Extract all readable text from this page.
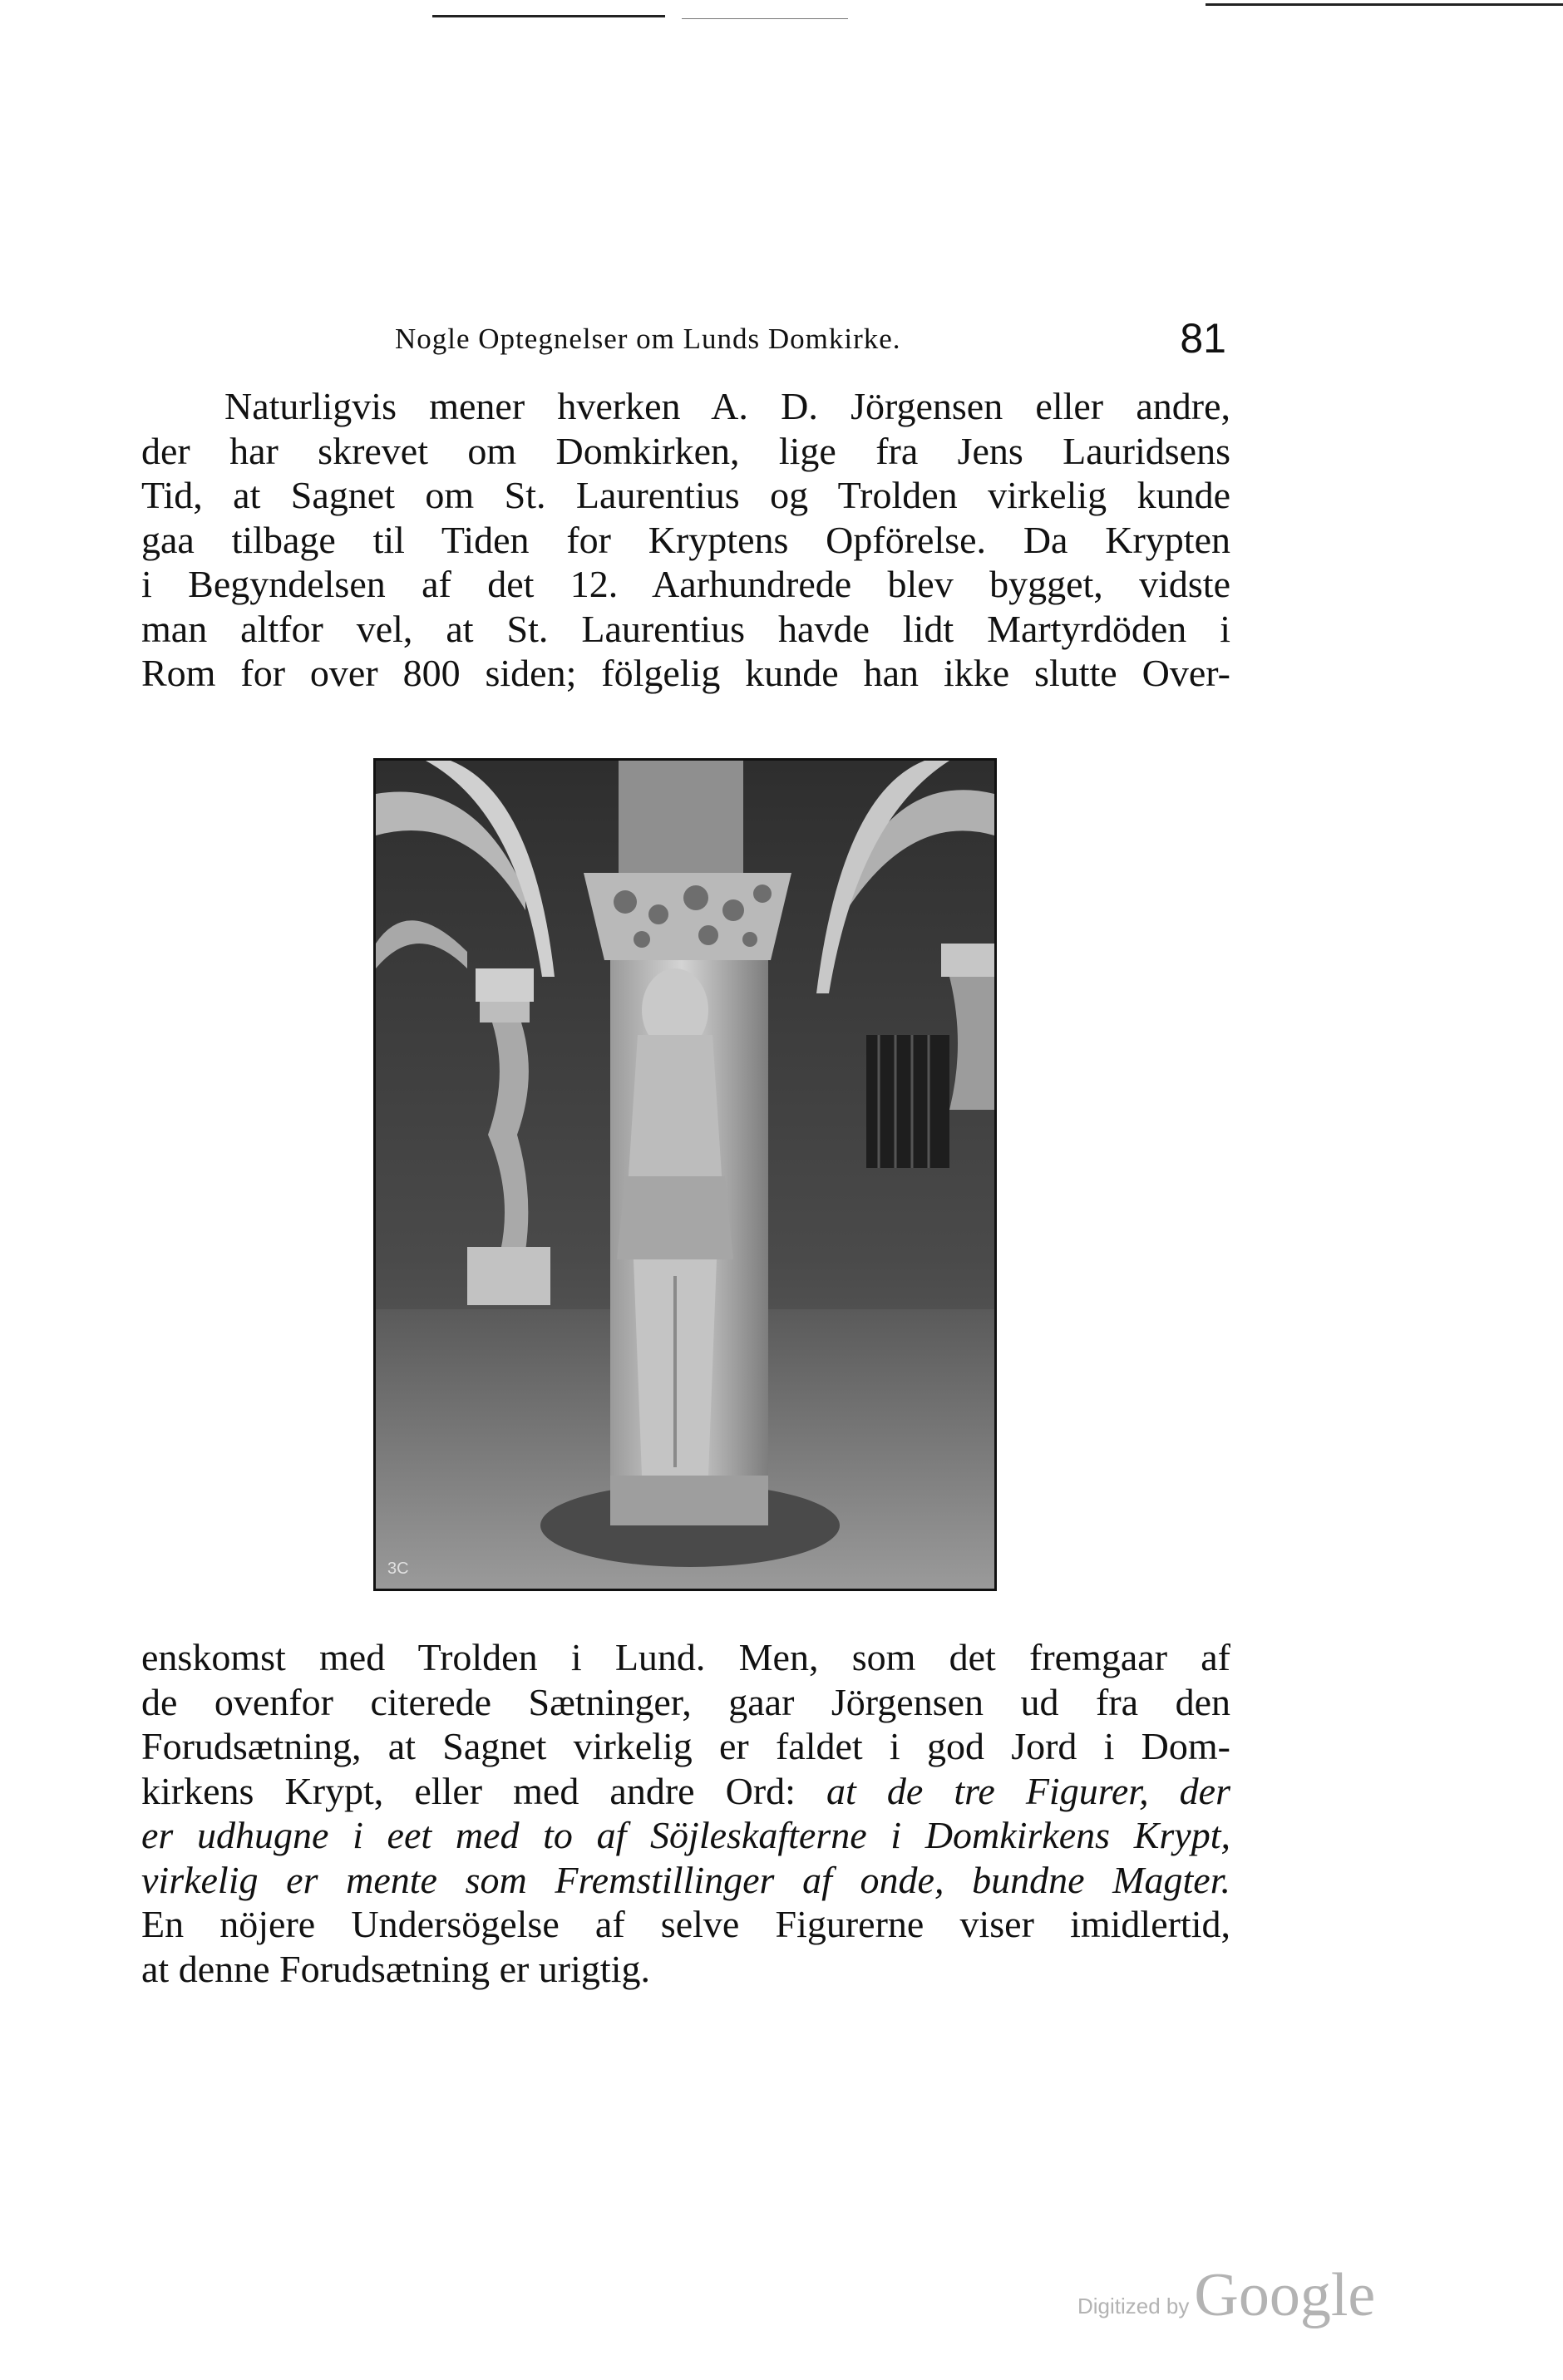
Nogle Optegnelser om Lunds Domkirke.	81
Naturligvis mener hverken A. D. Jörgensen eller andre,
der har skrevet om Domkirken, lige fra Jens Lauridsens
Tid, at Sagnet om St. Laurentius og Trolden virkelig kunde
gaa tilbage til Tiden for Kryptens Opförelse. Da Krypten
i Begyndelsen af det 12. Aarhundrede blev bygget, vidste
man altfor vel, at St. Laurentius havde lidt Martyrdöden i
Rom for over 800 siden; fölgelig kunde han ikke slutte Over-
3C
enskomst med Trolden i Lund. Men, som det fremgaar af
de ovenfor citerede Sætninger, gaar Jörgensen ud fra den
Forudsætning, at Sagnet virkelig er faldet i god Jord i Dom-
kirkens Krypt, eller med andre Ord: at de tre Figurer, der
er udhugne i eet med to af Söjleskafterne i Domkirkens Krypt,
virkelig er mente som Fremstillinger af onde, bundne Magter.
En nöjere Undersögelse af selve Figurerne viser imidlertid,
at denne Forudsætning er urigtig.
Digitized by Google
